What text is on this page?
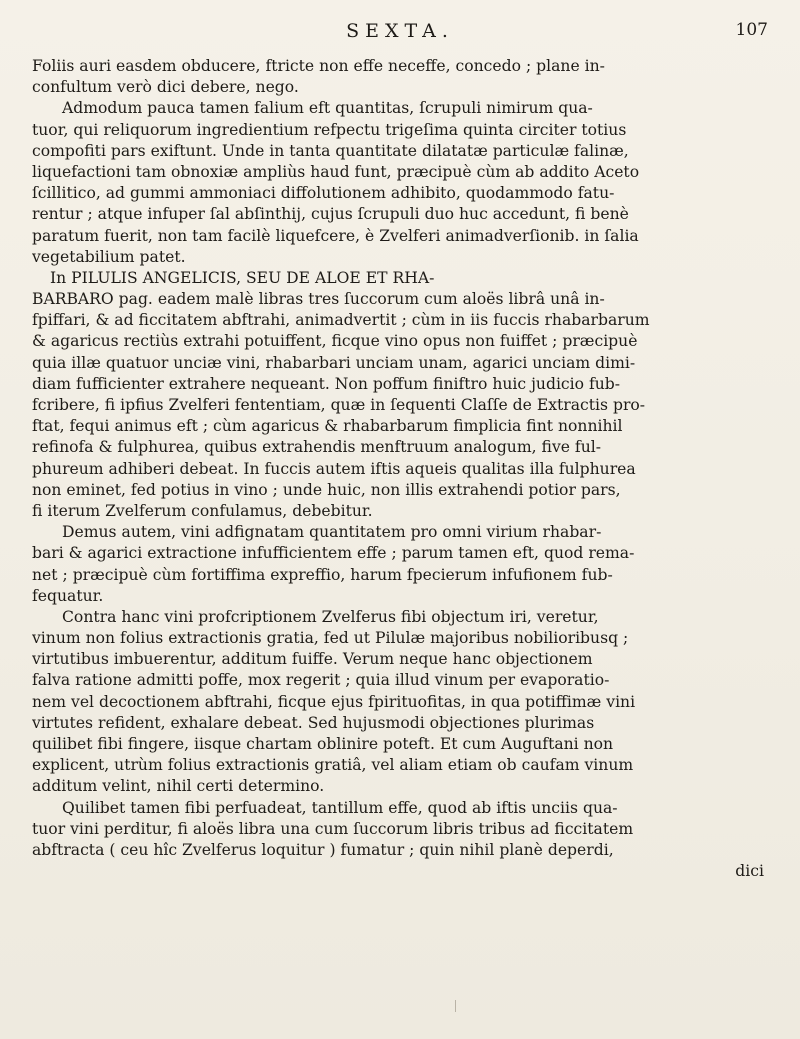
SEXTA.	107
Foliis auri easdem obducere, ftricte non effe neceffe, concedo ; plane in-
confultum verò dici debere, nego.
Admodum pauca tamen falium eft quantitas, ſcrupuli nimirum qua-
tuor, qui reliquorum ingredientium refpectu trigeſima quinta circiter totius
compofiti pars exiftunt. Unde in tanta quantitate dilatatæ particulæ falinæ,
liquefactioni tam obnoxiæ ampliùs haud funt, præcipuè cùm ab addito Aceto
ſcillitico, ad gummi ammoniaci diffolutionem adhibito, quodammodo fatu-
rentur ; atque infuper ſal abſinthij, cujus ſcrupuli duo huc accedunt, fi benè
paratum fuerit, non tam facilè liquefcere, è Zvelferi animadverſionib. in ſalia
vegetabilium patet.
In PILULIS ANGELICIS, SEU DE ALOE ET RHA-
BARBARO pag. eadem malè libras tres ſuccorum cum aloës librâ unâ in-
fpiffari, & ad ficcitatem abftrahi, animadvertit ; cùm in iis fuccis rhabarbarum
& agaricus rectiùs extrahi potuiffent, ficque vino opus non fuiffet ; præcipuè
quia illæ quatuor unciæ vini, rhabarbari unciam unam, agarici unciam dimi-
diam fufficienter extrahere nequeant. Non poffum finiftro huic judicio fub-
fcribere, fi ipfius Zvelferi fententiam, quæ in ſequenti Claſſe de Extractis pro-
ftat, fequi animus eft ; cùm agaricus & rhabarbarum fimplicia fint nonnihil
refinofa & fulphurea, quibus extrahendis menftruum analogum, five ful-
phureum adhiberi debeat. In fuccis autem iftis aqueis qualitas illa fulphurea
non eminet, fed potius in vino ; unde huic, non illis extrahendi potior pars,
fi iterum Zvelferum confulamus, debebitur.
Demus autem, vini adfignatam quantitatem pro omni virium rhabar-
bari & agarici extractione infufficientem effe ; parum tamen eft, quod rema-
net ; præcipuè cùm fortiffima expreffio, harum fpecierum infufionem fub-
fequatur.
Contra hanc vini profcriptionem Zvelferus fibi objectum iri, veretur,
vinum non folius extractionis gratia, fed ut Pilulæ majoribus nobilioribusq ;
virtutibus imbuerentur, additum fuiffe. Verum neque hanc objectionem
falva ratione admitti poffe, mox regerit ; quia illud vinum per evaporatio-
nem vel decoctionem abftrahi, ficque ejus fpirituofitas, in qua potiffimæ vini
virtutes refident, exhalare debeat. Sed hujusmodi objectiones plurimas
quilibet fibi fingere, iisque chartam oblinire poteft. Et cum Auguftani non
explicent, utrùm folius extractionis gratiâ, vel aliam etiam ob caufam vinum
additum velint, nihil certi determino.
Quilibet tamen fibi perfuadeat, tantillum effe, quod ab iftis unciis qua-
tuor vini perditur, fi aloës libra una cum ſuccorum libris tribus ad ficcitatem
abftracta ( ceu hîc Zvelferus loquitur ) fumatur ; quin nihil planè deperdi,
dici
